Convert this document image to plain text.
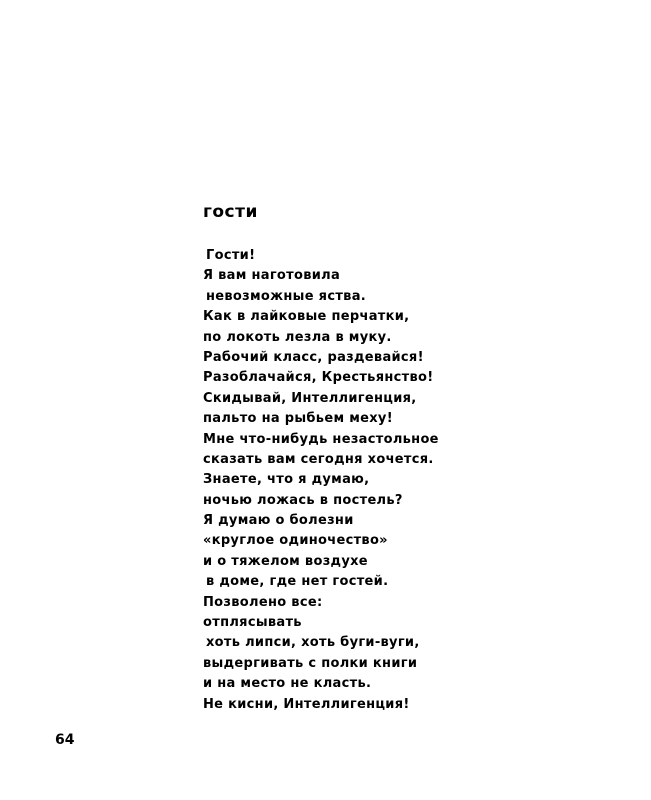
гости
Гости!
Я вам наготовила
невозможные яства.
Как в лайковые перчатки,
по локоть лезла в муку.
Рабочий класс, раздевайся!
Разоблачайся, Крестьянство!
Скидывай, Интеллигенция,
пальто на рыбьем меху!
Мне что-нибудь незастольное
сказать вам сегодня хочется.
Знаете, что я думаю,
ночью ложась в постель?
Я думаю о болезни
«круглое одиночество»
и о тяжелом воздухе
в доме, где нет гостей.
Позволено все:
отплясывать
хоть липси, хоть буги-вуги,
выдергивать с полки книги
и на место не класть.
Не кисни, Интеллигенция!
64
